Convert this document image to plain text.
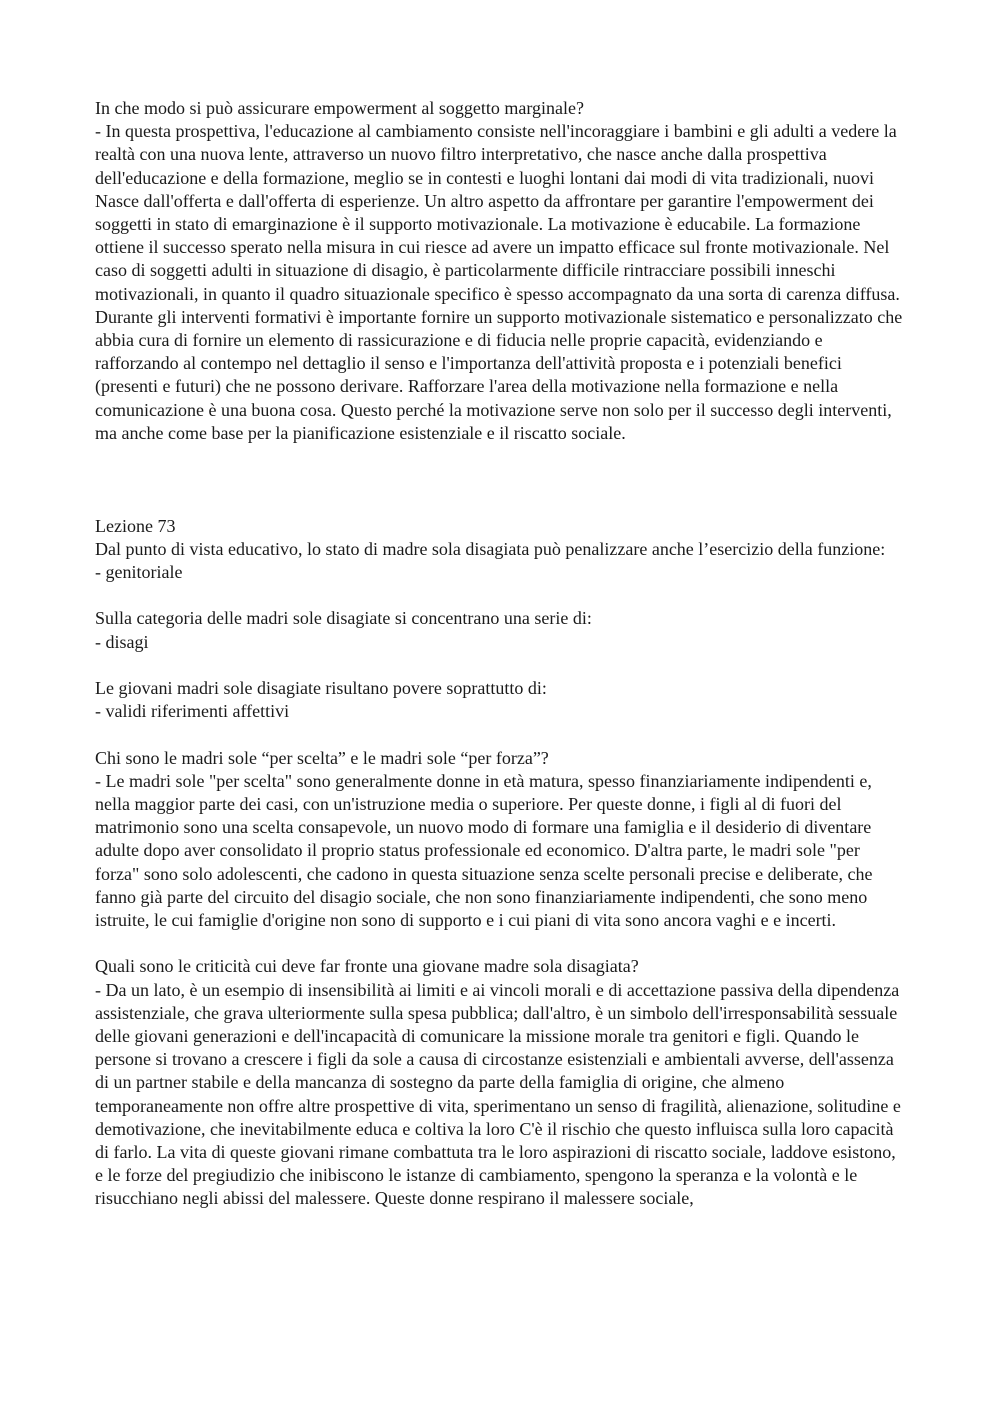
In che modo si può assicurare empowerment al soggetto marginale?

- In questa prospettiva, l'educazione al cambiamento consiste nell'incoraggiare i bambini e gli adulti a vedere la realtà con una nuova lente, attraverso un nuovo filtro interpretativo, che nasce anche dalla prospettiva dell'educazione e della formazione, meglio se in contesti e luoghi lontani dai modi di vita tradizionali, nuovi Nasce dall'offerta e dall'offerta di esperienze. Un altro aspetto da affrontare per garantire l'empowerment dei soggetti in stato di emarginazione è il supporto motivazionale. La motivazione è educabile. La formazione ottiene il successo sperato nella misura in cui riesce ad avere un impatto efficace sul fronte motivazionale. Nel caso di soggetti adulti in situazione di disagio, è particolarmente difficile rintracciare possibili inneschi motivazionali, in quanto il quadro situazionale specifico è spesso accompagnato da una sorta di carenza diffusa. Durante gli interventi formativi è importante fornire un supporto motivazionale sistematico e personalizzato che abbia cura di fornire un elemento di rassicurazione e di fiducia nelle proprie capacità, evidenziando e rafforzando al contempo nel dettaglio il senso e l'importanza dell'attività proposta e i potenziali benefici (presenti e futuri) che ne possono derivare. Rafforzare l'area della motivazione nella formazione e nella comunicazione è una buona cosa. Questo perché la motivazione serve non solo per il successo degli interventi, ma anche come base per la pianificazione esistenziale e il riscatto sociale.

Lezione 73

Dal punto di vista educativo, lo stato di madre sola disagiata può penalizzare anche l’esercizio della funzione:

- genitoriale

Sulla categoria delle madri sole disagiate si concentrano una serie di:

- disagi

Le giovani madri sole disagiate risultano povere soprattutto di:

- validi riferimenti affettivi

Chi sono le madri sole “per scelta” e le madri sole “per forza”?

- Le madri sole "per scelta" sono generalmente donne in età matura, spesso finanziariamente indipendenti e, nella maggior parte dei casi, con un'istruzione media o superiore. Per queste donne, i figli al di fuori del matrimonio sono una scelta consapevole, un nuovo modo di formare una famiglia e il desiderio di diventare adulte dopo aver consolidato il proprio status professionale ed economico. D'altra parte, le madri sole "per forza" sono solo adolescenti, che cadono in questa situazione senza scelte personali precise e deliberate, che fanno già parte del circuito del disagio sociale, che non sono finanziariamente indipendenti, che sono meno istruite, le cui famiglie d'origine non sono di supporto e i cui piani di vita sono ancora vaghi e e incerti.

Quali sono le criticità cui deve far fronte una giovane madre sola disagiata?

- Da un lato, è un esempio di insensibilità ai limiti e ai vincoli morali e di accettazione passiva della dipendenza assistenziale, che grava ulteriormente sulla spesa pubblica; dall'altro, è un simbolo dell'irresponsabilità sessuale delle giovani generazioni e dell'incapacità di comunicare la missione morale tra genitori e figli. Quando le persone si trovano a crescere i figli da sole a causa di circostanze esistenziali e ambientali avverse, dell'assenza di un partner stabile e della mancanza di sostegno da parte della famiglia di origine, che almeno temporaneamente non offre altre prospettive di vita, sperimentano un senso di fragilità, alienazione, solitudine e demotivazione, che inevitabilmente educa e coltiva la loro C'è il rischio che questo influisca sulla loro capacità di farlo. La vita di queste giovani rimane combattuta tra le loro aspirazioni di riscatto sociale, laddove esistono, e le forze del pregiudizio che inibiscono le istanze di cambiamento, spengono la speranza e la volontà e le risucchiano negli abissi del malessere. Queste donne respirano il malessere sociale,
